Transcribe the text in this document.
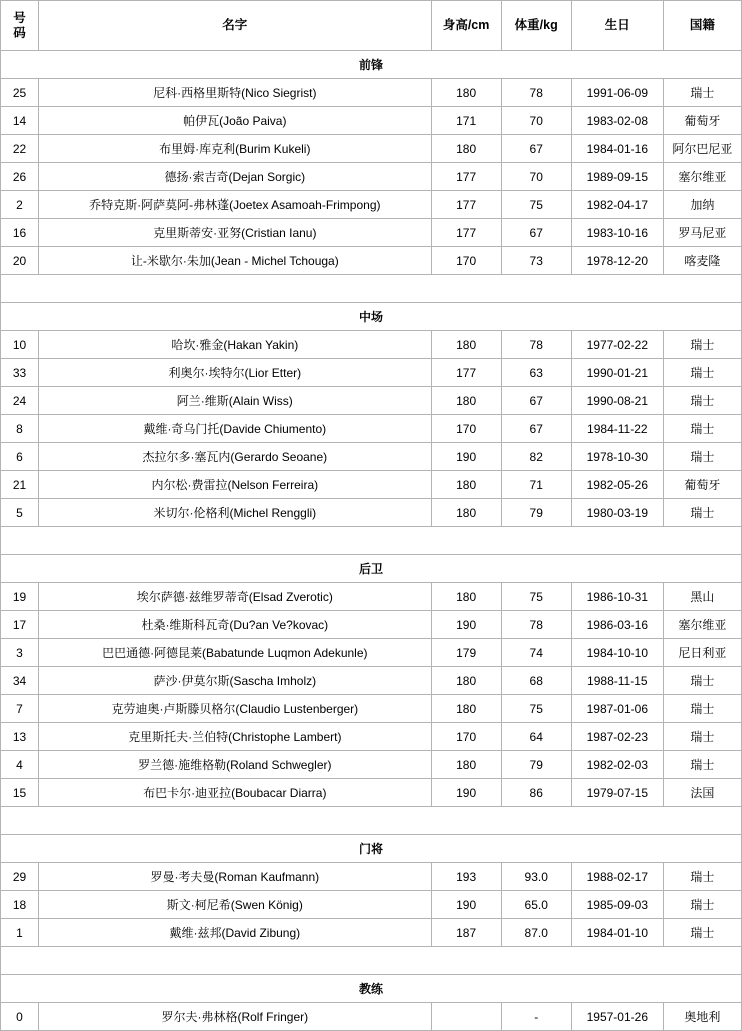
号
码	名字	身高/cm	体重/kg	生日	国籍
前锋					
25	尼科·西格里斯特(Nico Siegrist)	180	78	1991-06-09	瑞士
14	帕伊瓦(João Paiva)	171	70	1983-02-08	葡萄牙
22	布里姆·库克利(Burim Kukeli)	180	67	1984-01-16	阿尔巴尼亚
26	德扬·索吉奇(Dejan Sorgic)	177	70	1989-09-15	塞尔维亚
2	乔特克斯·阿萨莫阿-弗林蓬(Joetex Asamoah-Frimpong)	177	75	1982-04-17	加纳
16	克里斯蒂安·亚努(Cristian Ianu)	177	67	1983-10-16	罗马尼亚
20	让-米歇尔·朱加(Jean - Michel Tchouga)	170	73	1978-12-20	喀麦隆

中场					
10	哈坎·雅金(Hakan Yakin)	180	78	1977-02-22	瑞士
33	利奥尔·埃特尔(Lior Etter)	177	63	1990-01-21	瑞士
24	阿兰·维斯(Alain Wiss)	180	67	1990-08-21	瑞士
8	戴维·奇乌门托(Davide Chiumento)	170	67	1984-11-22	瑞士
6	杰拉尔多·塞瓦内(Gerardo Seoane)	190	82	1978-10-30	瑞士
21	内尔松·费雷拉(Nelson Ferreira)	180	71	1982-05-26	葡萄牙
5	米切尔·伦格利(Michel Renggli)	180	79	1980-03-19	瑞士

后卫					
19	埃尔萨德·兹维罗蒂奇(Elsad Zverotic)	180	75	1986-10-31	黑山
17	杜桑·维斯科瓦奇(Du?an Ve?kovac)	190	78	1986-03-16	塞尔维亚
3	巴巴通德·阿德昆莱(Babatunde Luqmon Adekunle)	179	74	1984-10-10	尼日利亚
34	萨沙·伊莫尔斯(Sascha Imholz)	180	68	1988-11-15	瑞士
7	克劳迪奥·卢斯滕贝格尔(Claudio Lustenberger)	180	75	1987-01-06	瑞士
13	克里斯托夫·兰伯特(Christophe Lambert)	170	64	1987-02-23	瑞士
4	罗兰德·施维格勒(Roland Schwegler)	180	79	1982-02-03	瑞士
15	布巴卡尔·迪亚拉(Boubacar Diarra)	190	86	1979-07-15	法国

门将					
29	罗曼·考夫曼(Roman Kaufmann)	193	93.0	1988-02-17	瑞士
18	斯文·柯尼希(Swen König)	190	65.0	1985-09-03	瑞士
1	戴维·兹邦(David Zibung)	187	87.0	1984-01-10	瑞士

教练					
0	罗尔夫·弗林格(Rolf Fringer)		-	1957-01-26	奥地利
